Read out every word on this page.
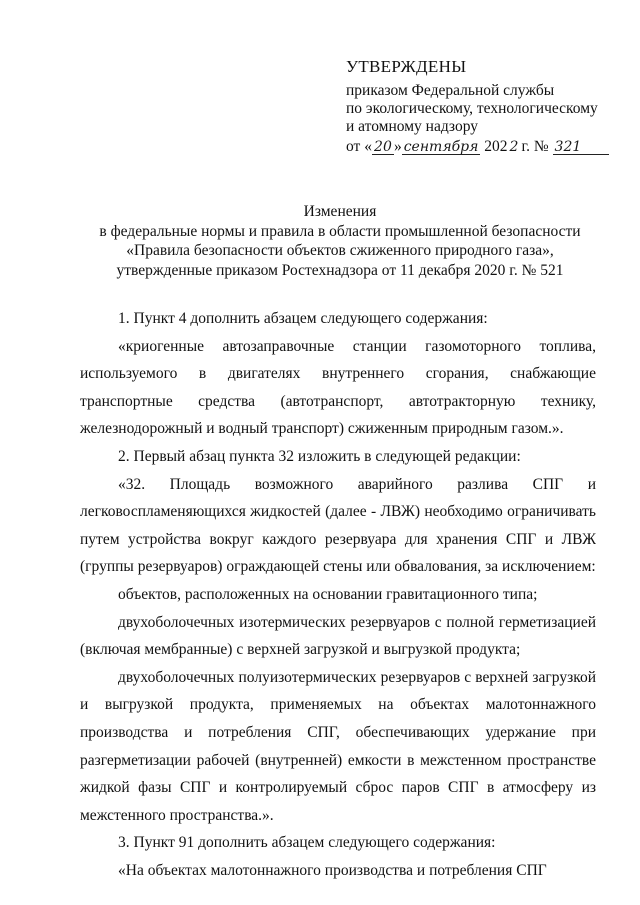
УТВЕРЖДЕНЫ
приказом Федеральной службы
по экологическому, технологическому
и атомному надзору
от « 20 » сентября 202 2 г. № 321
Изменения
в федеральные нормы и правила в области промышленной безопасности
«Правила безопасности объектов сжиженного природного газа»,
утвержденные приказом Ростехнадзора от 11 декабря 2020 г. № 521

1. Пункт 4 дополнить абзацем следующего содержания:

«криогенные автозаправочные станции газомоторного топлива, используемого в двигателях внутреннего сгорания, снабжающие транспортные средства (автотранспорт, автотракторную технику, железнодорожный и водный транспорт) сжиженным природным газом.».

2. Первый абзац пункта 32 изложить в следующей редакции:

«32. Площадь возможного аварийного разлива СПГ и легковоспламеняющихся жидкостей (далее - ЛВЖ) необходимо ограничивать путем устройства вокруг каждого резервуара для хранения СПГ и ЛВЖ (группы резервуаров) ограждающей стены или обвалования, за исключением:

объектов, расположенных на основании гравитационного типа;

двухоболочечных изотермических резервуаров с полной герметизацией (включая мембранные) с верхней загрузкой и выгрузкой продукта;

двухоболочечных полуизотермических резервуаров с верхней загрузкой и выгрузкой продукта, применяемых на объектах малотоннажного производства и потребления СПГ, обеспечивающих удержание при разгерметизации рабочей (внутренней) емкости в межстенном пространстве жидкой фазы СПГ и контролируемый сброс паров СПГ в атмосферу из межстенного пространства.».

3. Пункт 91 дополнить абзацем следующего содержания:

«На объектах малотоннажного производства и потребления СПГ
